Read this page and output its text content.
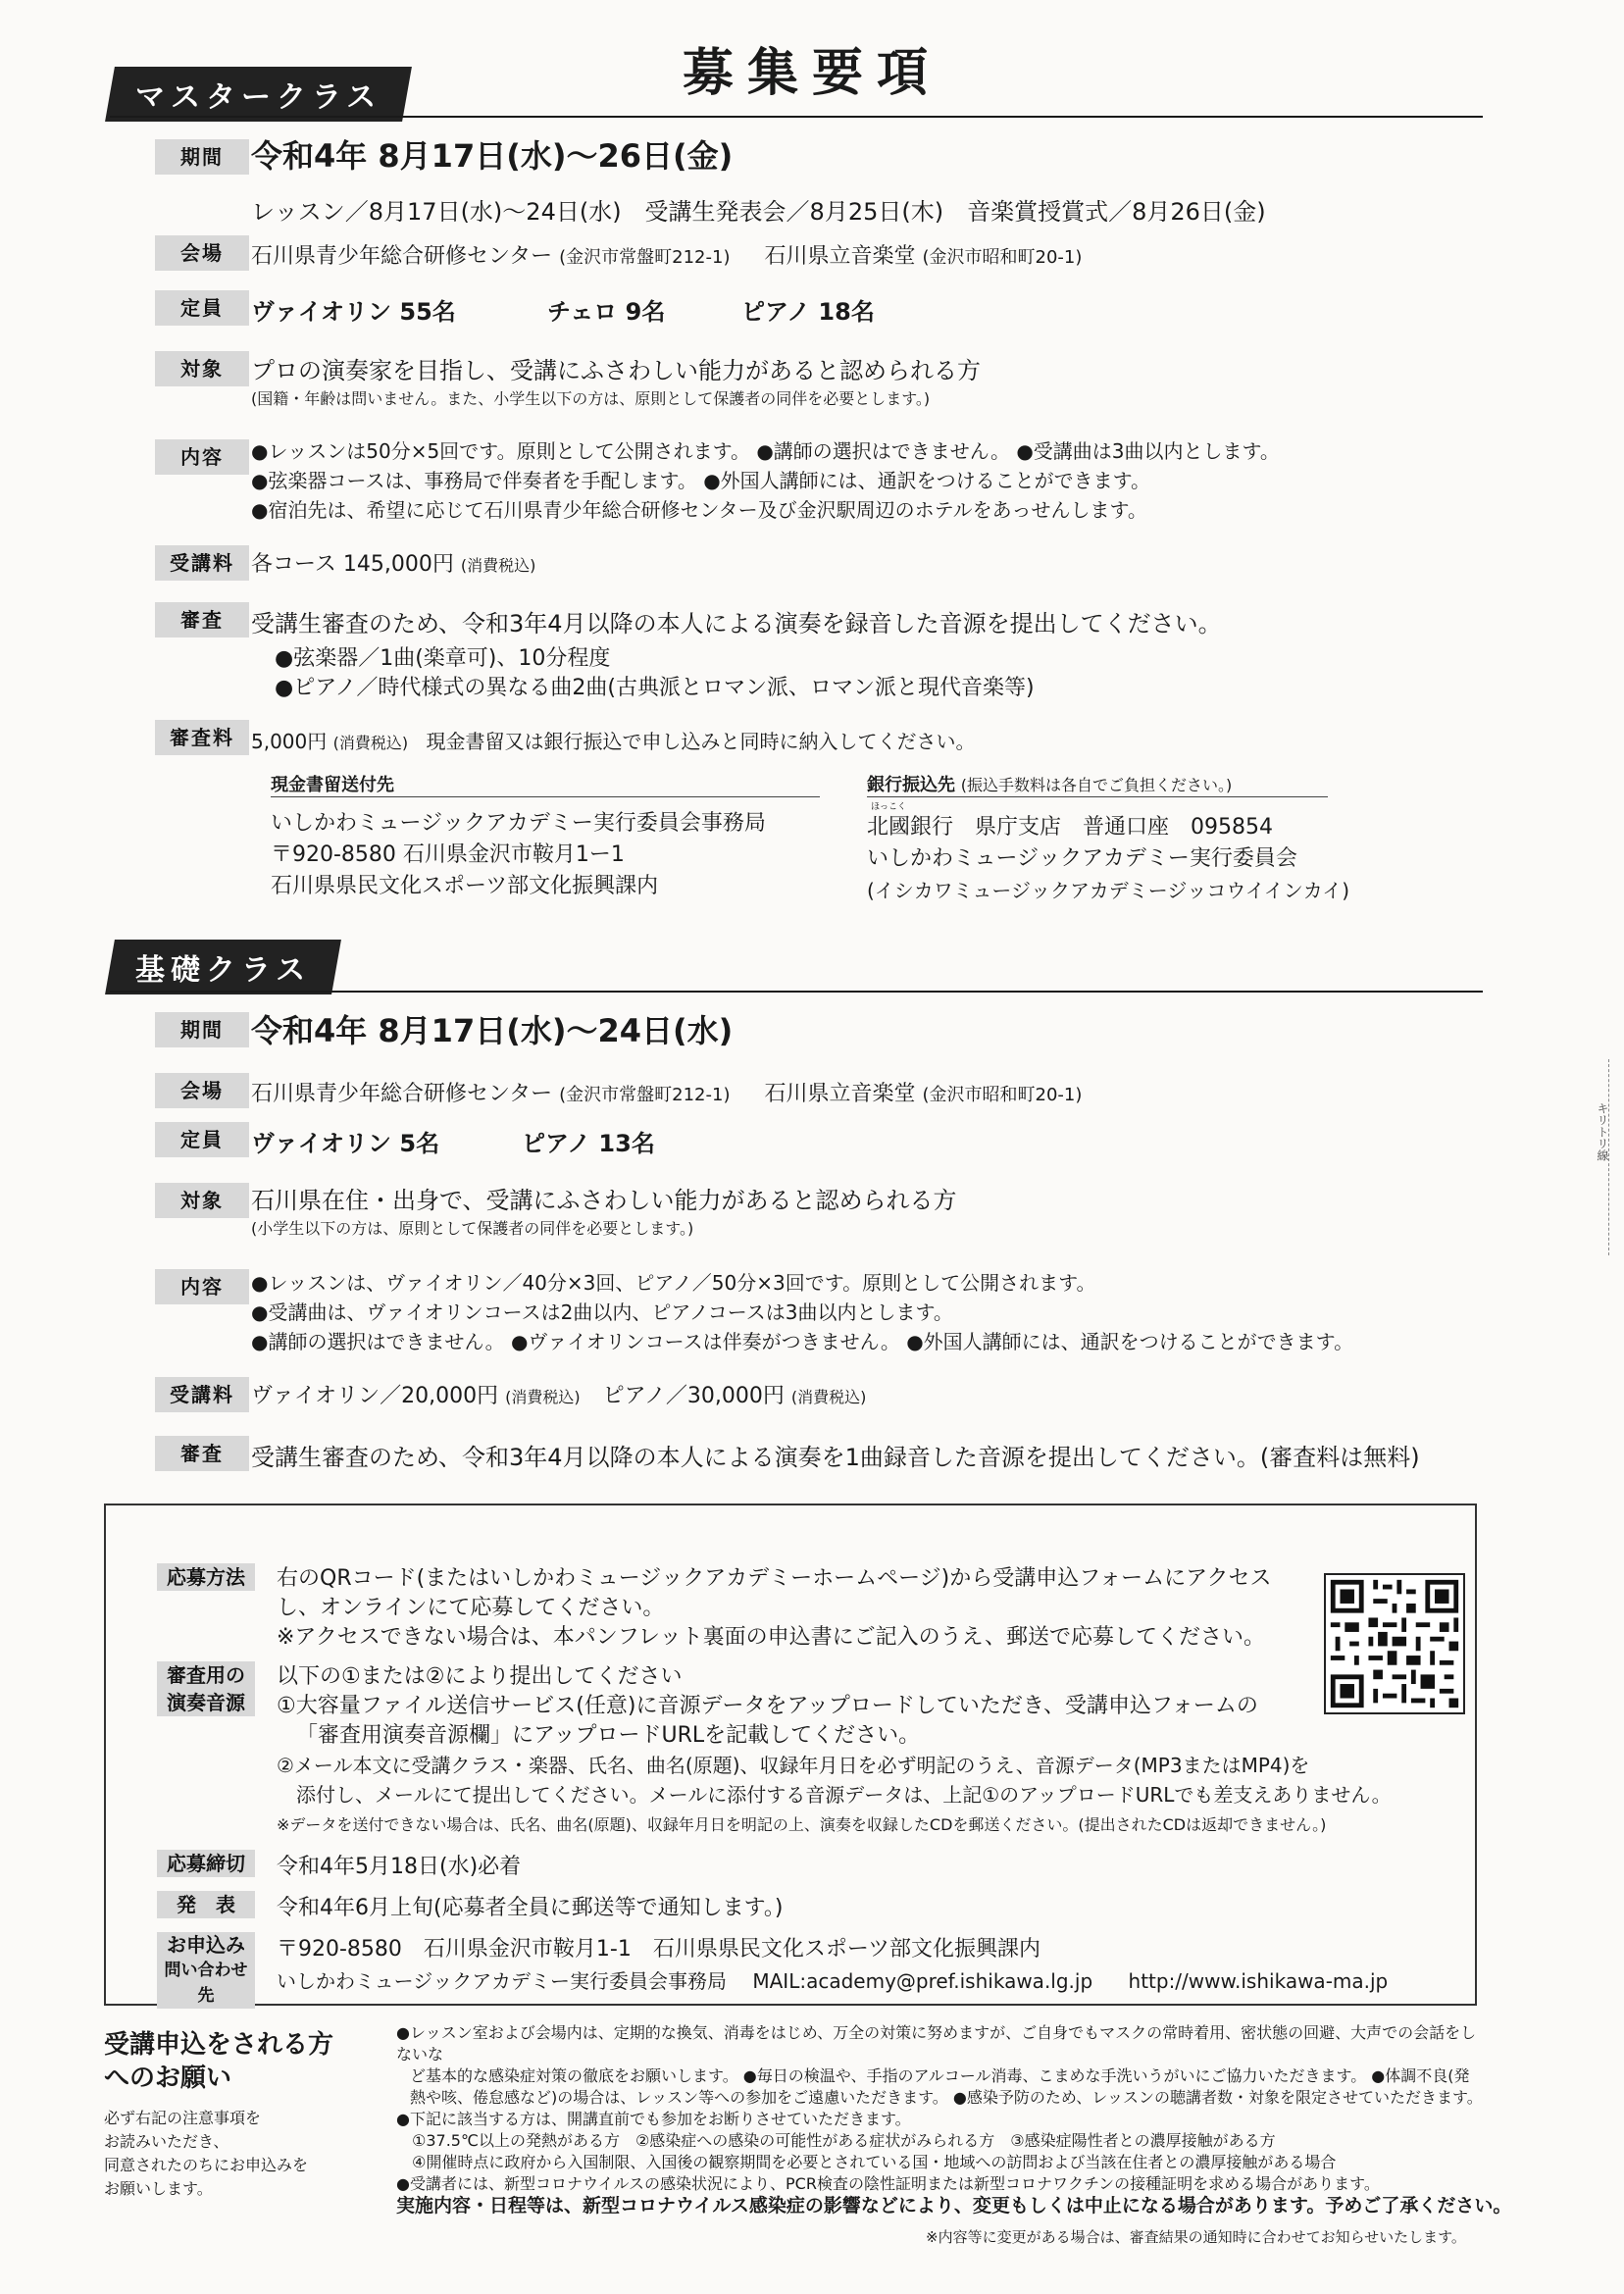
募集要項
マスタークラス
期間 令和4年 8月17日(水)～26日(金)
レッスン／8月17日(水)～24日(水)　受講生発表会／8月25日(木)　音楽賞授賞式／8月26日(金)
会場	石川県青少年総合研修センター (金沢市常盤町212-1) 石川県立音楽堂 (金沢市昭和町20-1)
定員	ヴァイオリン 55名	チェロ 9名	ピアノ 18名
対象	プロの演奏家を目指し、受講にふさわしい能力があると認められる方
(国籍・年齢は問いません。また、小学生以下の方は、原則として保護者の同伴を必要とします。)
内容	●レッスンは50分×5回です。原則として公開されます。 ●講師の選択はできません。 ●受講曲は3曲以内とします。
●弦楽器コースは、事務局で伴奏者を手配します。 ●外国人講師には、通訳をつけることができます。
●宿泊先は、希望に応じて石川県青少年総合研修センター及び金沢駅周辺のホテルをあっせんします。
受講料 各コース 145,000円 (消費税込)
審査	受講生審査のため、令和3年4月以降の本人による演奏を録音した音源を提出してください。
●弦楽器／1曲(楽章可)、10分程度
●ピアノ／時代様式の異なる曲2曲(古典派とロマン派、ロマン派と現代音楽等)
審査料 5,000円 (消費税込) 現金書留又は銀行振込で申し込みと同時に納入してください。
現金書留送付先
いしかわミュージックアカデミー実行委員会事務局
〒920-8580 石川県金沢市鞍月1ー1
石川県県民文化スポーツ部文化振興課内
銀行振込先 (振込手数料は各自でご負担ください。)
ほっこく
北國銀行　県庁支店　普通口座　095854
いしかわミュージックアカデミー実行委員会
(イシカワミュージックアカデミージッコウイインカイ)
基礎クラス
期間 令和4年 8月17日(水)～24日(水)
会場	石川県青少年総合研修センター (金沢市常盤町212-1) 石川県立音楽堂 (金沢市昭和町20-1)
定員	ヴァイオリン 5名	ピアノ 13名
対象	石川県在住・出身で、受講にふさわしい能力があると認められる方
(小学生以下の方は、原則として保護者の同伴を必要とします。)
内容	●レッスンは、ヴァイオリン／40分×3回、ピアノ／50分×3回です。原則として公開されます。
●受講曲は、ヴァイオリンコースは2曲以内、ピアノコースは3曲以内とします。
●講師の選択はできません。 ●ヴァイオリンコースは伴奏がつきません。 ●外国人講師には、通訳をつけることができます。
受講料 ヴァイオリン／20,000円 (消費税込) ピアノ／30,000円 (消費税込)
審査	受講生審査のため、令和3年4月以降の本人による演奏を1曲録音した音源を提出してください。(審査料は無料)
応募方法	右のQRコード(またはいしかわミュージックアカデミーホームページ)から受講申込フォームにアクセス
し、オンラインにて応募してください。
※アクセスできない場合は、本パンフレット裏面の申込書にご記入のうえ、郵送で応募してください。
審査用の
演奏音源
以下の①または②により提出してください
①大容量ファイル送信サービス(任意)に音源データをアップロードしていただき、受講申込フォームの
「審査用演奏音源欄」にアップロードURLを記載してください。
②メール本文に受講クラス・楽器、氏名、曲名(原題)、収録年月日を必ず明記のうえ、音源データ(MP3またはMP4)を
添付し、メールにて提出してください。メールに添付する音源データは、上記①のアップロードURLでも差支えありません。
※データを送付できない場合は、氏名、曲名(原題)、収録年月日を明記の上、演奏を収録したCDを郵送ください。(提出されたCDは返却できません。)
応募締切	令和4年5月18日(水)必着
発　表	令和4年6月上旬(応募者全員に郵送等で通知します。)
お申込み
問い合わせ先
〒920-8580　石川県金沢市鞍月1-1　石川県県民文化スポーツ部文化振興課内
いしかわミュージックアカデミー実行委員会事務局 MAIL:academy@pref.ishikawa.lg.jp http://www.ishikawa-ma.jp
受講申込をされる方
へのお願い
必ず右記の注意事項を
お読みいただき、
同意されたのちにお申込みを
お願いします。
●レッスン室および会場内は、定期的な換気、消毒をはじめ、万全の対策に努めますが、ご自身でもマスクの常時着用、密状態の回避、大声での会話をしないな
ど基本的な感染症対策の徹底をお願いします。 ●毎日の検温や、手指のアルコール消毒、こまめな手洗いうがいにご協力いただきます。 ●体調不良(発
熱や咳、倦怠感など)の場合は、レッスン等への参加をご遠慮いただきます。 ●感染予防のため、レッスンの聴講者数・対象を限定させていただきます。
●下記に該当する方は、開講直前でも参加をお断りさせていただきます。
①37.5℃以上の発熱がある方　②感染症への感染の可能性がある症状がみられる方　③感染症陽性者との濃厚接触がある方
④開催時点に政府から入国制限、入国後の観察期間を必要とされている国・地域への訪問および当該在住者との濃厚接触がある場合
●受講者には、新型コロナウイルスの感染状況により、PCR検査の陰性証明または新型コロナワクチンの接種証明を求める場合があります。
実施内容・日程等は、新型コロナウイルス感染症の影響などにより、変更もしくは中止になる場合があります。予めご了承ください。
※内容等に変更がある場合は、審査結果の通知時に合わせてお知らせいたします。
キリトリ線
